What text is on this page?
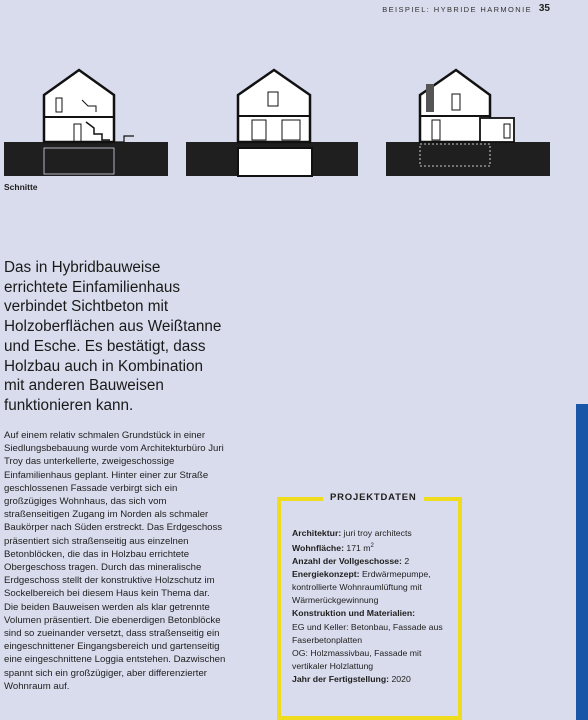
BEISPIEL: HYBRIDE HARMONIE 35
Schnitte

Das in Hybridbauweise errichtete Einfamilienhaus verbindet Sichtbeton mit Holzoberflächen aus Weißtanne und Esche. Es bestätigt, dass Holzbau auch in Kombination mit anderen Bauweisen funktionieren kann.

Auf einem relativ schmalen Grundstück in einer Siedlungsbebauung wurde vom Architekturbüro Juri Troy das unterkellerte, zweigeschossige Einfamilienhaus geplant. Hinter einer zur Straße geschlossenen Fassade verbirgt sich ein großzügiges Wohnhaus, das sich vom straßenseitigen Zugang im Norden als schmaler Baukörper nach Süden erstreckt. Das Erdgeschoss präsentiert sich straßenseitig aus einzelnen Betonblöcken, die das in Holzbau errichtete Obergeschoss tragen. Durch das mineralische Erdgeschoss stellt der konstruktive Holzschutz im Sockelbereich bei diesem Haus kein Thema dar. Die beiden Bauweisen werden als klar getrennte Volumen präsentiert. Die ebenerdigen Betonblöcke sind so zueinander versetzt, dass straßenseitig ein eingeschnittener Eingangsbereich und gartenseitig eine eingeschnittene Loggia entstehen. Dazwischen spannt sich ein großzügiger, aber differenzierter Wohnraum auf.

PROJEKTDATEN
Architektur: juri troy architects
Wohnfläche: 171 $m^2$
Anzahl der Vollgeschosse: 2
Energiekonzept: Erdwärmepumpe, kontrollierte Wohnraumlüftung mit Wärmerückgewinnung
Konstruktion und Materialien:
EG und Keller: Betonbau, Fassade aus Faserbetonplatten
OG: Holzmassivbau, Fassade mit vertikaler Holzlattung
Jahr der Fertigstellung: 2020
